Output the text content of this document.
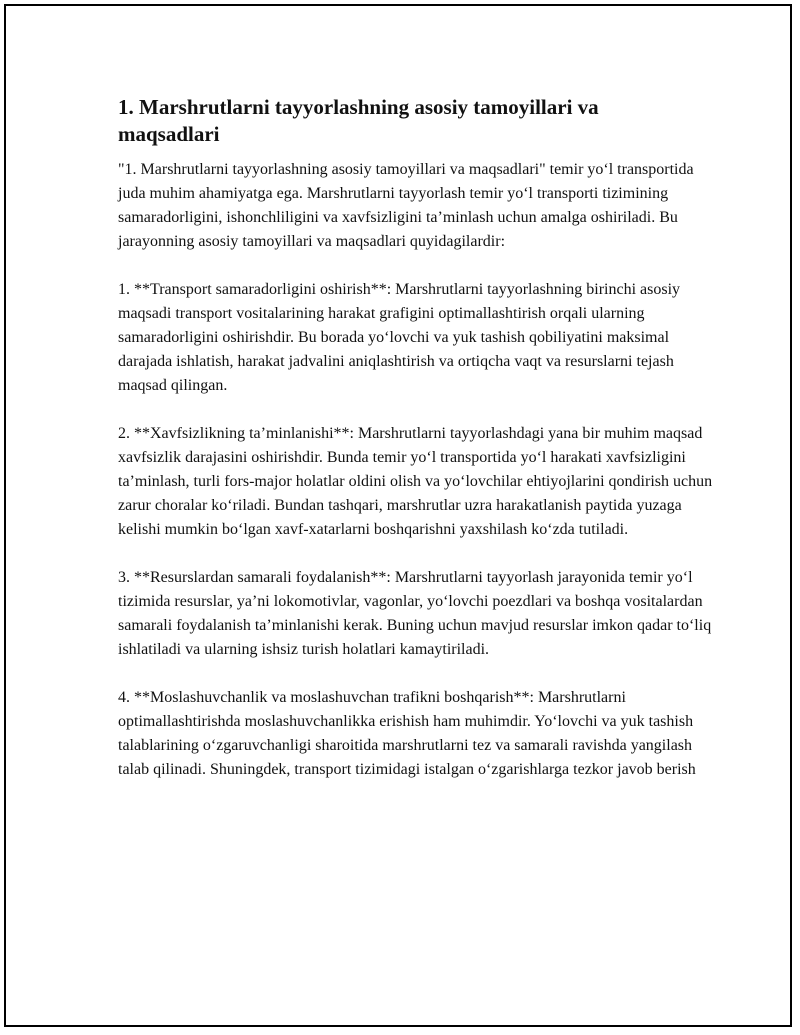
1. Marshrutlarni tayyorlashning asosiy tamoyillari va maqsadlari

"1. Marshrutlarni tayyorlashning asosiy tamoyillari va maqsadlari" temir yo‘l transportida juda muhim ahamiyatga ega. Marshrutlarni tayyorlash temir yo‘l transporti tizimining samaradorligini, ishonchliligini va xavfsizligini ta’minlash uchun amalga oshiriladi. Bu jarayonning asosiy tamoyillari va maqsadlari quyidagilardir:

1. **Transport samaradorligini oshirish**: Marshrutlarni tayyorlashning birinchi asosiy maqsadi transport vositalarining harakat grafigini optimallashtirish orqali ularning samaradorligini oshirishdir. Bu borada yo‘lovchi va yuk tashish qobiliyatini maksimal darajada ishlatish, harakat jadvalini aniqlashtirish va ortiqcha vaqt va resurslarni tejash maqsad qilingan.

2. **Xavfsizlikning ta’minlanishi**: Marshrutlarni tayyorlashdagi yana bir muhim maqsad xavfsizlik darajasini oshirishdir. Bunda temir yo‘l transportida yo‘l harakati xavfsizligini ta’minlash, turli fors-major holatlar oldini olish va yo‘lovchilar ehtiyojlarini qondirish uchun zarur choralar ko‘riladi. Bundan tashqari, marshrutlar uzra harakatlanish paytida yuzaga kelishi mumkin bo‘lgan xavf-xatarlarni boshqarishni yaxshilash ko‘zda tutiladi.

3. **Resurslardan samarali foydalanish**: Marshrutlarni tayyorlash jarayonida temir yo‘l tizimida resurslar, ya’ni lokomotivlar, vagonlar, yo‘lovchi poezdlari va boshqa vositalardan samarali foydalanish ta’minlanishi kerak. Buning uchun mavjud resurslar imkon qadar to‘liq ishlatiladi va ularning ishsiz turish holatlari kamaytiriladi.

4. **Moslashuvchanlik va moslashuvchan trafikni boshqarish**: Marshrutlarni optimallashtirishda moslashuvchanlikka erishish ham muhimdir. Yo‘lovchi va yuk tashish talablarining o‘zgaruvchanligi sharoitida marshrutlarni tez va samarali ravishda yangilash talab qilinadi. Shuningdek, transport tizimidagi istalgan o‘zgarishlarga tezkor javob berish
